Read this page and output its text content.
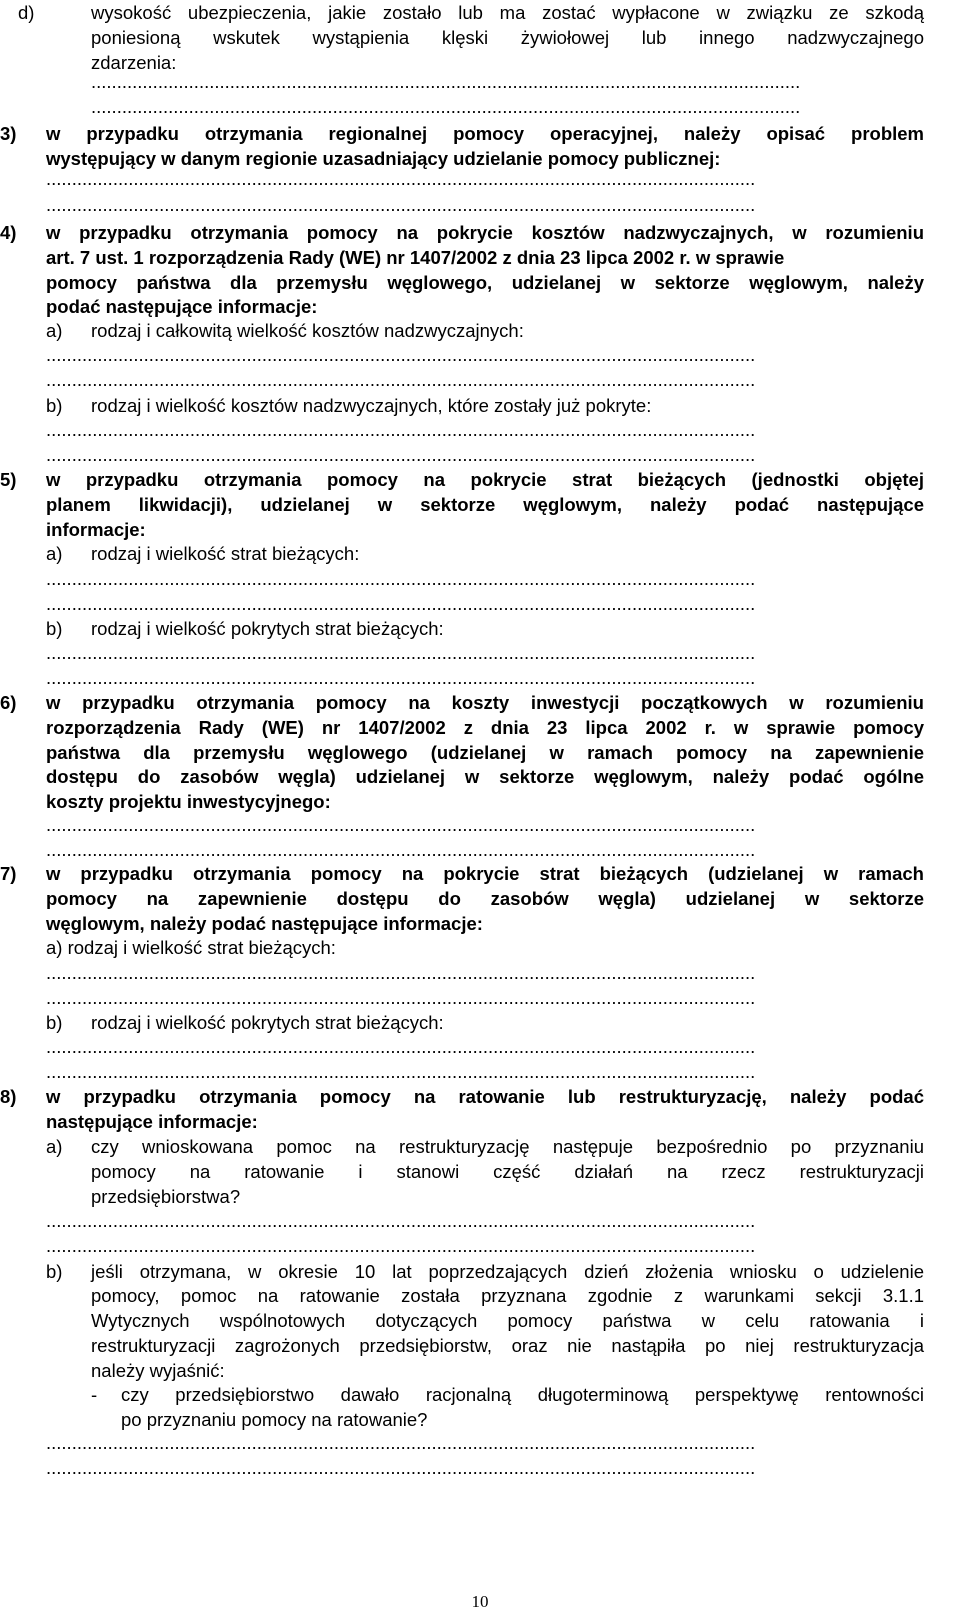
d)	wysokość ubezpieczenia, jakie zostało lub ma zostać wypłacone w związku ze szkodą
poniesioną wskutek wystąpienia klęski żywiołowej lub innego nadzwyczajnego
zdarzenia:
..........................................................................................................................................
..........................................................................................................................................
3) w przypadku otrzymania regionalnej pomocy operacyjnej, należy opisać problem
występujący w danym regionie uzasadniający udzielanie pomocy publicznej:
..........................................................................................................................................
..........................................................................................................................................
4) w przypadku otrzymania pomocy na pokrycie kosztów nadzwyczajnych, w rozumieniu
art. 7 ust. 1 rozporządzenia Rady (WE) nr 1407/2002 z dnia 23 lipca 2002 r. w sprawie
pomocy państwa dla przemysłu węglowego, udzielanej w sektorze węglowym, należy
podać następujące informacje:
a) rodzaj i całkowitą wielkość kosztów nadzwyczajnych:
..........................................................................................................................................
..........................................................................................................................................
b) rodzaj i wielkość kosztów nadzwyczajnych, które zostały już pokryte:
..........................................................................................................................................
..........................................................................................................................................
5) w przypadku otrzymania pomocy na pokrycie strat bieżących (jednostki objętej
planem likwidacji), udzielanej w sektorze węglowym, należy podać następujące
informacje:
a) rodzaj i wielkość strat bieżących:
..........................................................................................................................................
..........................................................................................................................................
b) rodzaj i wielkość pokrytych strat bieżących:
..........................................................................................................................................
..........................................................................................................................................
6) w przypadku otrzymania pomocy na koszty inwestycji początkowych w rozumieniu
rozporządzenia Rady (WE) nr 1407/2002 z dnia 23 lipca 2002 r. w sprawie pomocy
państwa dla przemysłu węglowego (udzielanej w ramach pomocy na zapewnienie
dostępu do zasobów węgla) udzielanej w sektorze węglowym, należy podać ogólne
koszty projektu inwestycyjnego:
..........................................................................................................................................
..........................................................................................................................................
7) w przypadku otrzymania pomocy na pokrycie strat bieżących (udzielanej w ramach
pomocy na zapewnienie dostępu do zasobów węgla) udzielanej w sektorze
węglowym, należy podać następujące informacje:
a) rodzaj i wielkość strat bieżących:
..........................................................................................................................................
..........................................................................................................................................
b) rodzaj i wielkość pokrytych strat bieżących:
..........................................................................................................................................
..........................................................................................................................................
8) w przypadku otrzymania pomocy na ratowanie lub restrukturyzację, należy podać
następujące informacje:
a) czy wnioskowana pomoc na restrukturyzację następuje bezpośrednio po przyznaniu
pomocy na ratowanie i stanowi część działań na rzecz restrukturyzacji
przedsiębiorstwa?
..........................................................................................................................................
..........................................................................................................................................
b) jeśli otrzymana, w okresie 10 lat poprzedzających dzień złożenia wniosku o udzielenie
pomocy, pomoc na ratowanie została przyznana zgodnie z warunkami sekcji 3.1.1
Wytycznych wspólnotowych dotyczących pomocy państwa w celu ratowania i
restrukturyzacji zagrożonych przedsiębiorstw, oraz nie nastąpiła po niej restrukturyzacja
należy wyjaśnić:
- czy przedsiębiorstwo dawało racjonalną długoterminową perspektywę rentowności
po przyznaniu pomocy na ratowanie?
..........................................................................................................................................
..........................................................................................................................................
10
